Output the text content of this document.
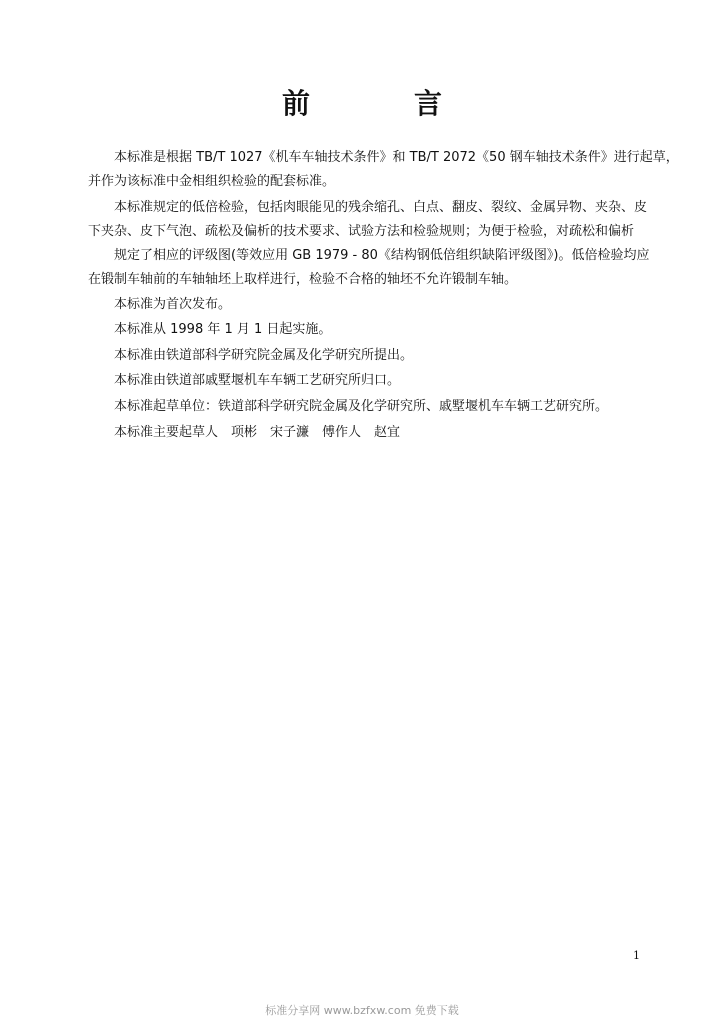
前　言
本标准是根据 TB/T 1027《机车车轴技术条件》和 TB/T 2072《50 钢车轴技术条件》进行起草，
并作为该标准中金相组织检验的配套标准。
本标准规定的低倍检验，包括肉眼能见的残余缩孔、白点、翻皮、裂纹、金属异物、夹杂、皮
下夹杂、皮下气泡、疏松及偏析的技术要求、试验方法和检验规则；为便于检验，对疏松和偏析
规定了相应的评级图(等效应用 GB 1979 - 80《结构钢低倍组织缺陷评级图》)。低倍检验均应
在锻制车轴前的车轴轴坯上取样进行，检验不合格的轴坯不允许锻制车轴。
本标准为首次发布。
本标准从 1998 年 1 月 1 日起实施。
本标准由铁道部科学研究院金属及化学研究所提出。
本标准由铁道部戚墅堰机车车辆工艺研究所归口。
本标准起草单位：铁道部科学研究院金属及化学研究所、戚墅堰机车车辆工艺研究所。
本标准主要起草人　项彬　宋子濂　傅作人　赵宜
1
标准分享网 www.bzfxw.com 免费下载
